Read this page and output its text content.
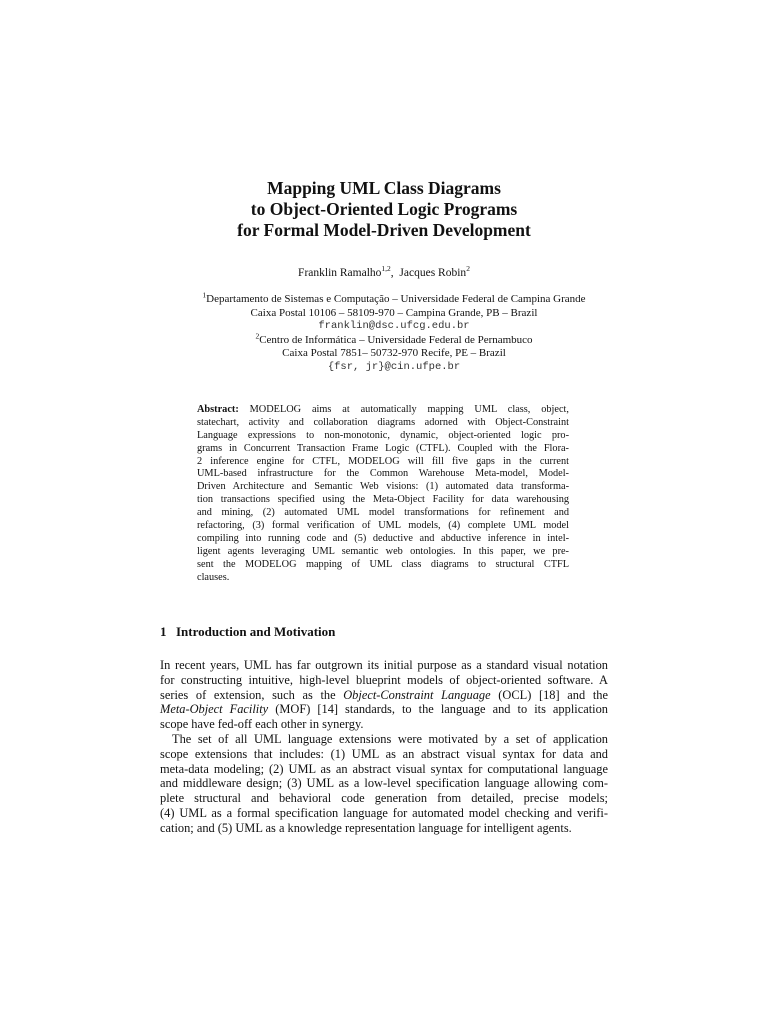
Mapping UML Class Diagrams
to Object-Oriented Logic Programs
for Formal Model-Driven Development
Franklin Ramalho$^{1,2}$,  Jacques Robin$^2$
$^1$Departamento de Sistemas e Computação – Universidade Federal de Campina Grande
Caixa Postal 10106 – 58109-970 – Campina Grande, PB – Brazil
franklin@dsc.ufcg.edu.br
$^2$Centro de Informática – Universidade Federal de Pernambuco
Caixa Postal 7851– 50732-970 Recife, PE – Brazil
{fsr, jr}@cin.ufpe.br
Abstract: MODELOG aims at automatically mapping UML class, object,
statechart, activity and collaboration diagrams adorned with Object-Constraint
Language expressions to non-monotonic, dynamic, object-oriented logic pro-
grams in Concurrent Transaction Frame Logic (CTFL). Coupled with the Flora-
2 inference engine for CTFL, MODELOG will fill five gaps in the current
UML-based infrastructure for the Common Warehouse Meta-model, Model-
Driven Architecture and Semantic Web visions: (1) automated data transforma-
tion transactions specified using the Meta-Object Facility for data warehousing
and mining, (2) automated UML model transformations for refinement and
refactoring, (3) formal verification of UML models, (4) complete UML model
compiling into running code and (5) deductive and abductive inference in intel-
ligent agents leveraging UML semantic web ontologies. In this paper, we pre-
sent the MODELOG mapping of UML class diagrams to structural CTFL
clauses.
1 Introduction and Motivation
In recent years, UML has far outgrown its initial purpose as a standard visual notation
for constructing intuitive, high-level blueprint models of object-oriented software. A
series of extension, such as the Object-Constraint Language (OCL) [18] and the
Meta-Object Facility (MOF) [14] standards, to the language and to its application
scope have fed-off each other in synergy.
The set of all UML language extensions were motivated by a set of application
scope extensions that includes: (1) UML as an abstract visual syntax for data and
meta-data modeling; (2) UML as an abstract visual syntax for computational language
and middleware design; (3) UML as a low-level specification language allowing com-
plete structural and behavioral code generation from detailed, precise models;
(4) UML as a formal specification language for automated model checking and verifi-
cation; and (5) UML as a knowledge representation language for intelligent agents.
